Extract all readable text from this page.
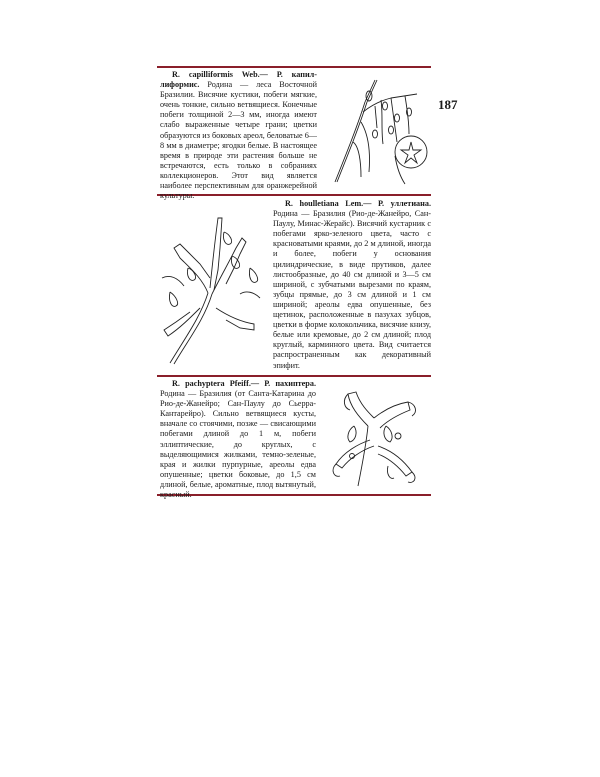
187
R. capilliformis Web.— Р. капил-лиформис. Родина — леса Восточной Бразилии. Висячие кустики, побеги мягкие, очень тонкие, сильно ветвящиеся. Конечные побеги толщиной 2—3 мм, иногда имеют слабо выраженные четыре грани; цветки образуются из боковых ареол, беловатые 6—8 мм в диаметре; ягодки белые. В настоящее время в природе эти растения больше не встречаются, есть только в собраниях коллекционеров. Этот вид является наиболее перспективным для оранжерейной культуры.
R. houlletiana Lem.— Р. уллетиана. Родина — Бразилия (Рио-де-Жанейро, Сан-Паулу, Минас-Жерайс). Висячий кустарник с побегами ярко-зеленого цвета, часто с красноватыми краями, до 2 м длиной, иногда и более, побеги у основания цилиндрические, в виде прутиков, далее листообразные, до 40 см длиной и 3—5 см шириной, с зубчатыми вырезами по краям, зубцы прямые, до 3 см длиной и 1 см шириной; ареолы едва опушенные, без щетинок, расположенные в пазухах зубцов, цветки в форме колокольчика, висячие книзу, белые или кремовые, до 2 см длиной; плод круглый, карминного цвета. Вид считается распространенным как декоративный эпифит.
R. pachyptera Pfeiff.— Р. пахиптера. Родина — Бразилия (от Санта-Катарина до Рио-де-Жанейро; Сан-Паулу до Сьерра-Кантарейро). Сильно ветвящиеся кусты, вначале со стоячими, позже — свисающими побегами длиной до 1 м, побеги эллиптические, до круглых, с выделяющимися жилками, темно-зеленые, края и жилки пурпурные, ареолы едва опушенные; цветки боковые, до 1,5 см длиной, белые, ароматные, плод вытянутый, красный.
